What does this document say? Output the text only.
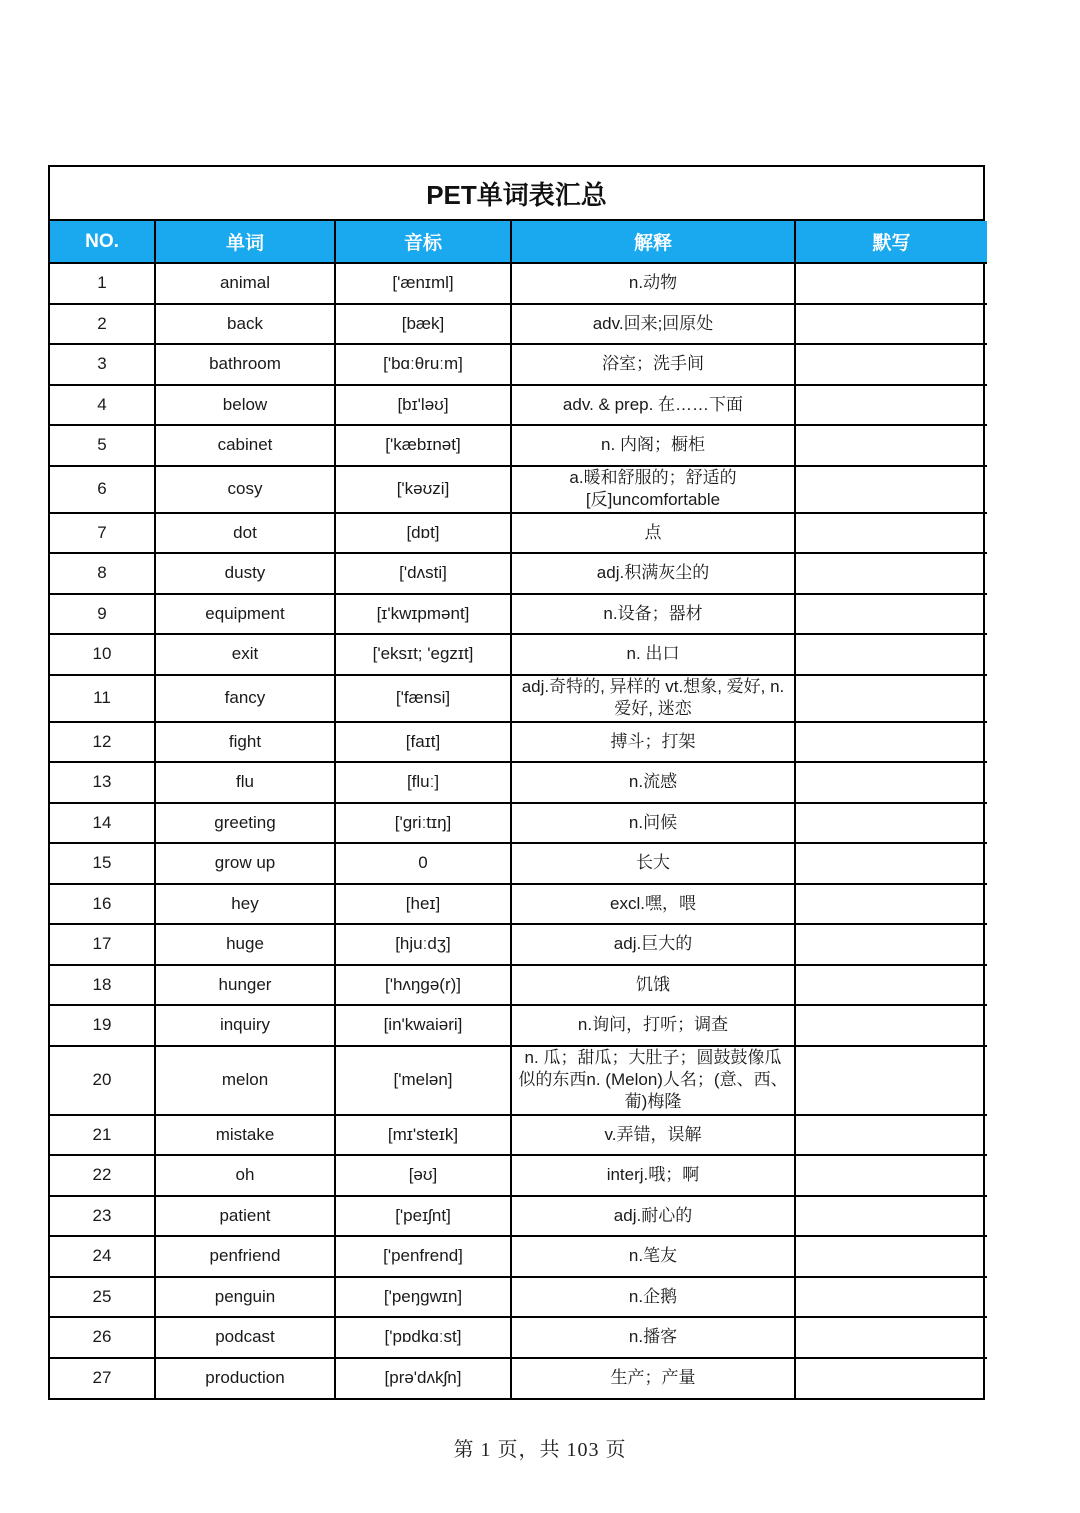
PET单词表汇总
NO.	单词	音标	解释	默写
1	animal	['ænɪml]	n.动物	
2	back	[bæk]	adv.回来;回原处	
3	bathroom	['bɑːθruːm]	浴室；洗手间	
4	below	[bɪ'ləʊ]	adv. & prep. 在……下面	
5	cabinet	['kæbɪnət]	n. 内阁；橱柜	
6	cosy	['kəʊzi]	a.暖和舒服的；舒适的 [反]uncomfortable	
7	dot	[dɒt]	点	
8	dusty	['dʌsti]	adj.积满灰尘的	
9	equipment	[ɪ'kwɪpmənt]	n.设备；器材	
10	exit	['eksɪt; 'egzɪt]	n. 出口	
11	fancy	['fænsi]	adj.奇特的, 异样的 vt.想象, 爱好, n.爱好, 迷恋	
12	fight	[faɪt]	搏斗；打架	
13	flu	[fluː]	n.流感	
14	greeting	['griːtɪŋ]	n.问候	
15	grow up	0	长大	
16	hey	[heɪ]	excl.嘿，喂	
17	huge	[hjuːdʒ]	adj.巨大的	
18	hunger	['hʌŋgə(r)]	饥饿	
19	inquiry	[in'kwaiəri]	n.询问，打听；调查	
20	melon	['melən]	n. 瓜；甜瓜；大肚子；圆鼓鼓像瓜似的东西n. (Melon)人名；(意、西、葡)梅隆	
21	mistake	[mɪ'steɪk]	v.弄错，误解	
22	oh	[əʊ]	interj.哦；啊	
23	patient	['peɪʃnt]	adj.耐心的	
24	penfriend	['penfrend]	n.笔友	
25	penguin	['peŋgwɪn]	n.企鹅	
26	podcast	['pɒdkɑːst]	n.播客	
27	production	[prə'dʌkʃn]	生产；产量	
第 1 页，共 103 页
